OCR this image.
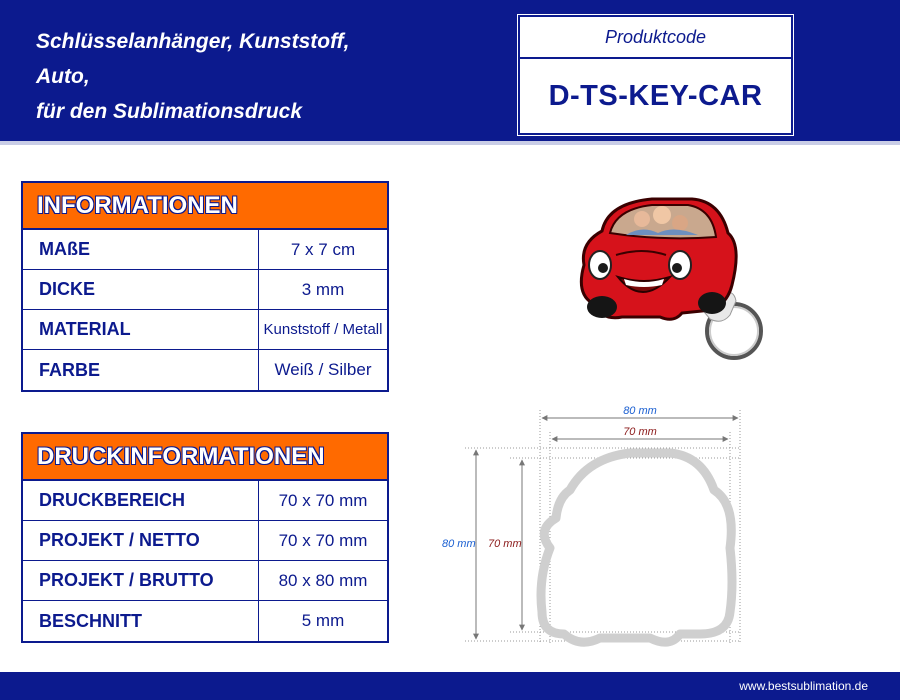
Schlüsselanhänger, Kunststoff,
Auto,
für den Sublimationsdruck
Produktcode
D-TS-KEY-CAR
INFORMATIONEN
MAßE	7 x 7 cm
DICKE	3 mm
MATERIAL	Kunststoff / Metall
FARBE	Weiß / Silber
DRUCKINFORMATIONEN
DRUCKBEREICH	70 x 70 mm
PROJEKT / NETTO	70 x 70 mm
PROJEKT / BRUTTO	80 x 80 mm
BESCHNITT	5 mm
80 mm
70 mm
80 mm 70 mm
www.bestsublimation.de
